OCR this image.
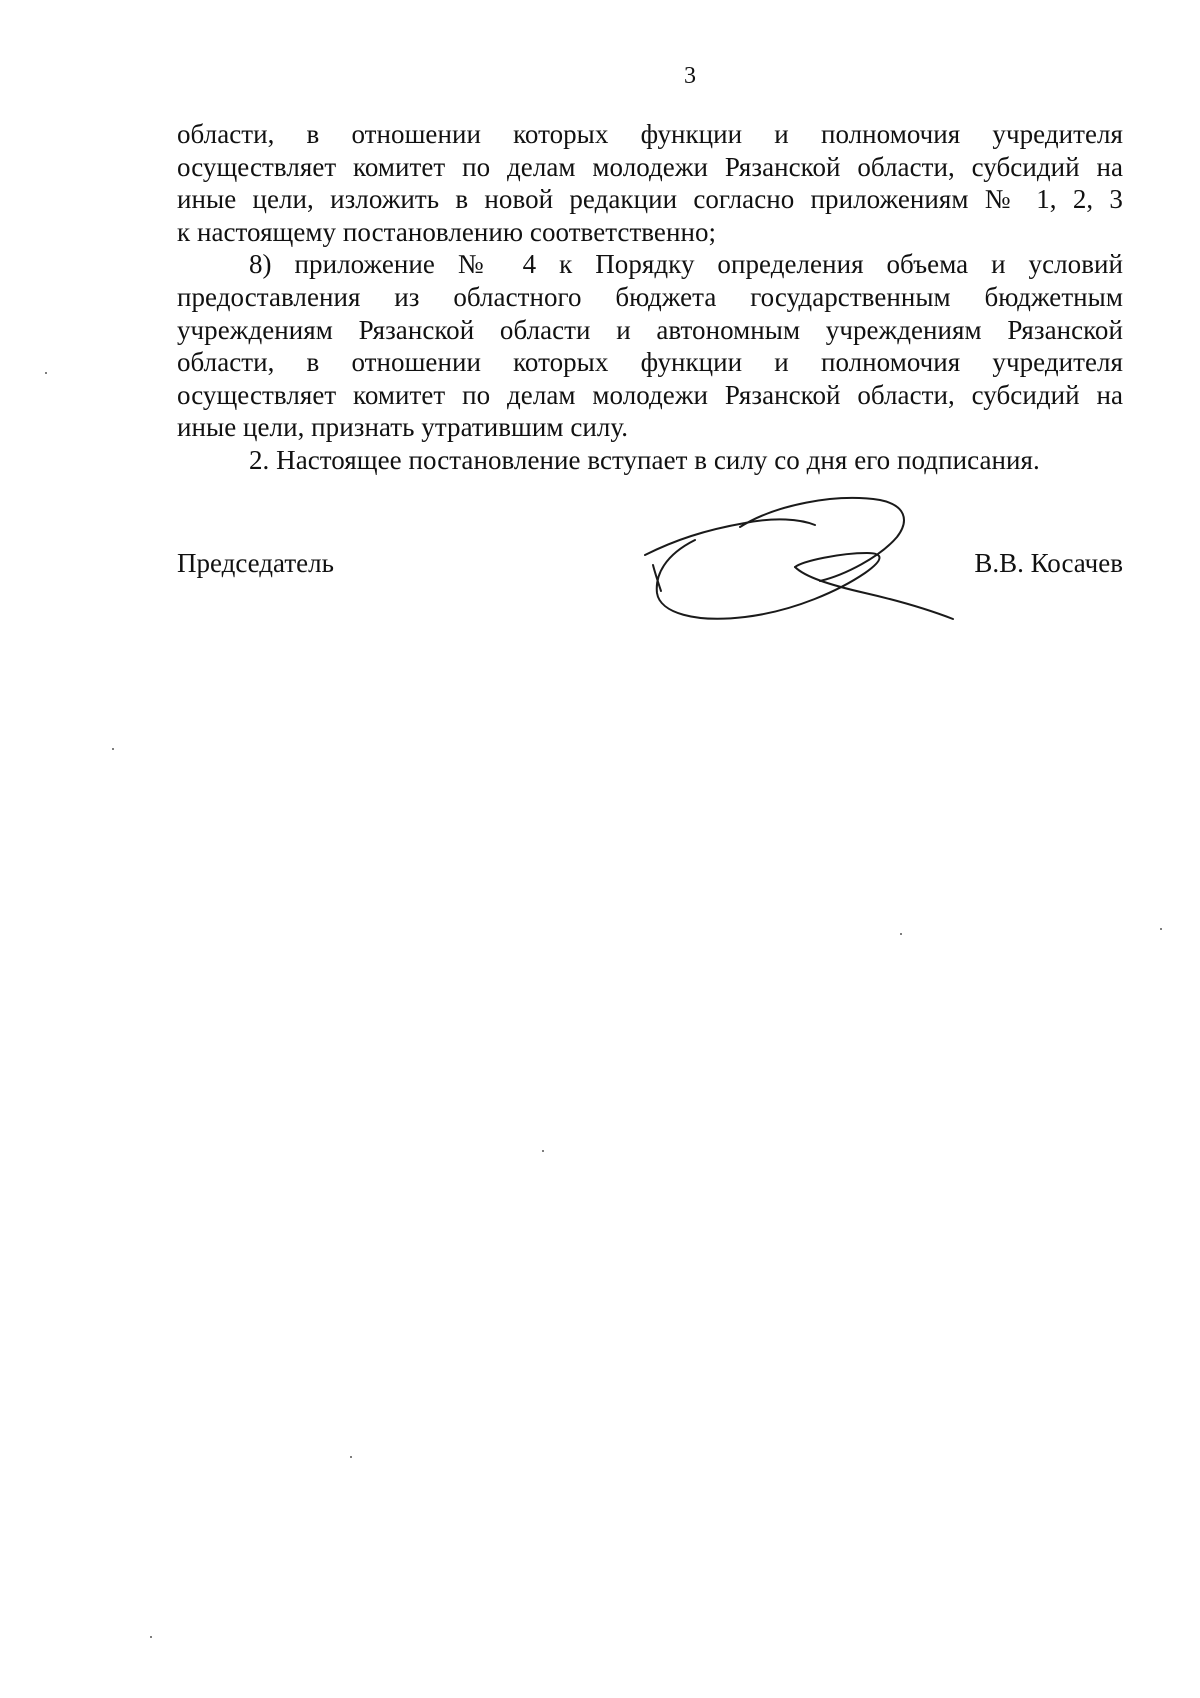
3
области, в отношении которых функции и полномочия учредителя
осуществляет комитет по делам молодежи Рязанской области, субсидий на
иные цели, изложить в новой редакции согласно приложениям № 1, 2, 3
к настоящему постановлению соответственно;
8) приложение № 4 к Порядку определения объема и условий
предоставления из областного бюджета государственным бюджетным
учреждениям Рязанской области и автономным учреждениям Рязанской
области, в отношении которых функции и полномочия учредителя
осуществляет комитет по делам молодежи Рязанской области, субсидий на
иные цели, признать утратившим силу.
2. Настоящее постановление вступает в силу со дня его подписания.
Председатель	В.В. Косачев
